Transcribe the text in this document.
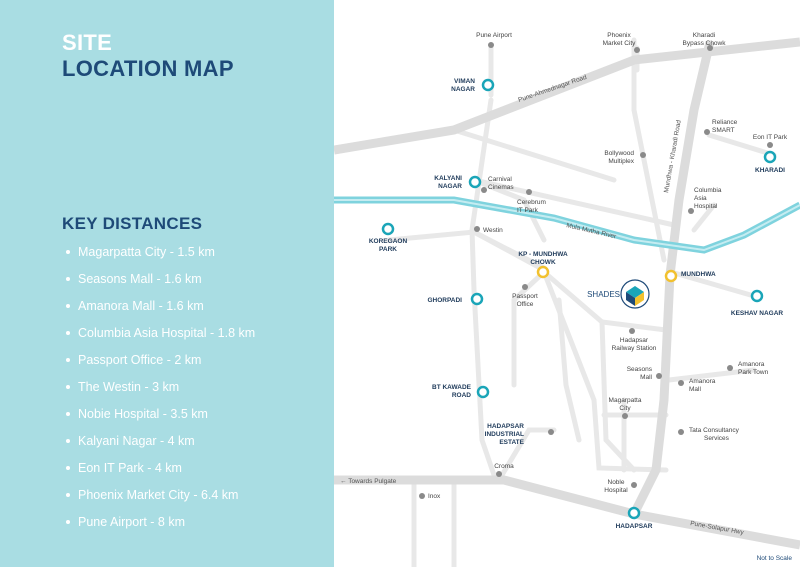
SITE
LOCATION MAP
KEY DISTANCES
Magarpatta City - 1.5 km
Seasons Mall - 1.6 km
Amanora Mall - 1.6 km
Columbia Asia Hospital - 1.8 km
Passport Office - 2 km
The Westin - 3 km
Nobie Hospital - 3.5 km
Kalyani Nagar - 4 km
Eon IT Park - 4 km
Phoenix Market City - 6.4 km
Pune Airport - 8 km
Pune-Ahmednagar Road
Mundhwa - Kharadi Road
Mula Mutha River
Pune-Solapur Hwy
← Towards Pulgate
SHADES
VIMAN NAGAR
KALYANI NAGAR
KOREGAON PARK
KHARADI
GHORPADI
BT KAWADE ROAD
KESHAV NAGAR
HADAPSAR
KP - MUNDHWA CHOWK
MUNDHWA
HADAPSAR INDUSTRIAL ESTATE
Pune Airport	Phoenix Market City
Kharadi Bypass Chowk
Reliance SMART
Eon IT Park
Bollywood Multiplex
Carnival Cinemas
Cerebrum IT Park
Columbia Asia Hospital
Westin
Passport Office
Hadapsar Railway Station
Seasons Mall
Amanora Mall
Amanora Park Town
Magarpatta City
Tata Consultancy Services
Croma
Noble Hospital
Inox
Not to Scale
